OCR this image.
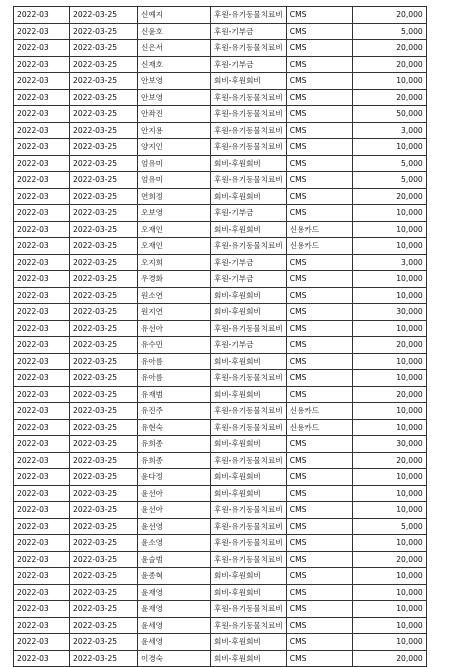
2022-03	2022-03-25	신예지	후원-유기동물치료비	CMS	20,000
2022-03	2022-03-25	신윤호	후원-기부금	CMS	5,000
2022-03	2022-03-25	신은서	후원-유기동물치료비	CMS	20,000
2022-03	2022-03-25	신재호	후원-기부금	CMS	20,000
2022-03	2022-03-25	안보영	회비-후원회비	CMS	10,000
2022-03	2022-03-25	안보영	후원-유기동물치료비	CMS	20,000
2022-03	2022-03-25	안좌진	후원-유기동물치료비	CMS	50,000
2022-03	2022-03-25	안지용	후원-유기동물치료비	CMS	3,000
2022-03	2022-03-25	양지인	후원-유기동물치료비	CMS	10,000
2022-03	2022-03-25	엄유미	회비-후원회비	CMS	5,000
2022-03	2022-03-25	엄유미	후원-유기동물치료비	CMS	5,000
2022-03	2022-03-25	연희정	회비-후원회비	CMS	20,000
2022-03	2022-03-25	오보영	후원-기부금	CMS	10,000
2022-03	2022-03-25	오재인	회비-후원회비	신용카드	10,000
2022-03	2022-03-25	오재인	후원-유기동물치료비	신용카드	10,000
2022-03	2022-03-25	오지희	후원-기부금	CMS	3,000
2022-03	2022-03-25	우경화	후원-기부금	CMS	10,000
2022-03	2022-03-25	원소연	회비-후원회비	CMS	10,000
2022-03	2022-03-25	원지연	회비-후원회비	CMS	30,000
2022-03	2022-03-25	유선아	후원-유기동물치료비	CMS	10,000
2022-03	2022-03-25	유수민	후원-기부금	CMS	20,000
2022-03	2022-03-25	유아름	회비-후원회비	CMS	10,000
2022-03	2022-03-25	유아름	후원-유기동물치료비	CMS	10,000
2022-03	2022-03-25	유재범	회비-후원회비	CMS	20,000
2022-03	2022-03-25	유진주	후원-유기동물치료비	신용카드	10,000
2022-03	2022-03-25	유현숙	후원-유기동물치료비	신용카드	10,000
2022-03	2022-03-25	유희종	회비-후원회비	CMS	30,000
2022-03	2022-03-25	유희종	후원-유기동물치료비	CMS	20,000
2022-03	2022-03-25	윤다정	회비-후원회비	CMS	10,000
2022-03	2022-03-25	윤선아	회비-후원회비	CMS	10,000
2022-03	2022-03-25	윤선아	후원-유기동물치료비	CMS	10,000
2022-03	2022-03-25	윤선영	후원-유기동물치료비	CMS	5,000
2022-03	2022-03-25	윤소영	후원-유기동물치료비	CMS	10,000
2022-03	2022-03-25	윤슬범	후원-유기동물치료비	CMS	20,000
2022-03	2022-03-25	윤종혁	회비-후원회비	CMS	10,000
2022-03	2022-03-25	윤재영	회비-후원회비	CMS	10,000
2022-03	2022-03-25	윤재영	후원-유기동물치료비	CMS	10,000
2022-03	2022-03-25	윤세영	후원-유기동물치료비	CMS	10,000
2022-03	2022-03-25	윤세영	회비-후원회비	CMS	10,000
2022-03	2022-03-25	이경숙	회비-후원회비	CMS	20,000
